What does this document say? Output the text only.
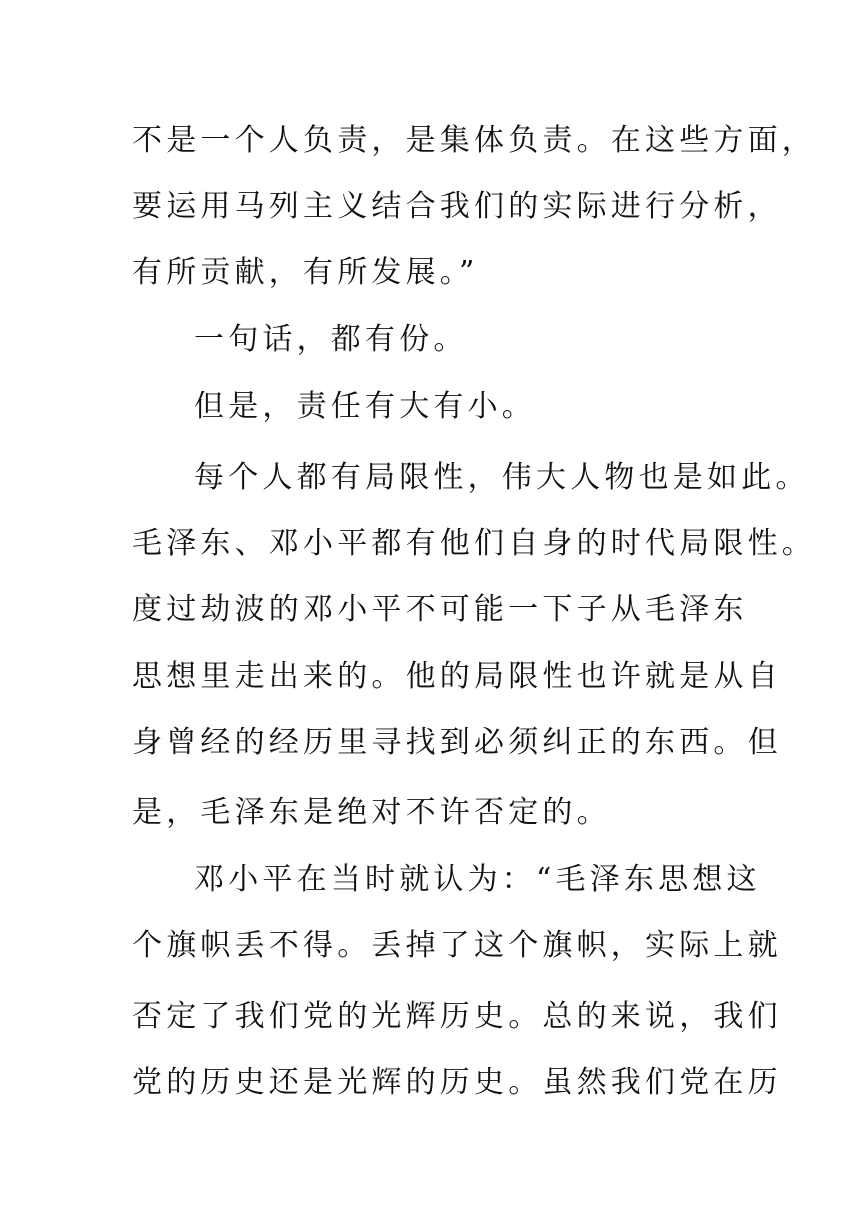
不是一个人负责，是集体负责。在这些方面，
要运用马列主义结合我们的实际进行分析，
有所贡献，有所发展。”
一句话，都有份。
但是，责任有大有小。
每个人都有局限性，伟大人物也是如此。
毛泽东、邓小平都有他们自身的时代局限性。
度过劫波的邓小平不可能一下子从毛泽东
思想里走出来的。他的局限性也许就是从自
身曾经的经历里寻找到必须纠正的东西。但
是，毛泽东是绝对不许否定的。
邓小平在当时就认为：“毛泽东思想这
个旗帜丢不得。丢掉了这个旗帜，实际上就
否定了我们党的光辉历史。总的来说，我们
党的历史还是光辉的历史。虽然我们党在历
